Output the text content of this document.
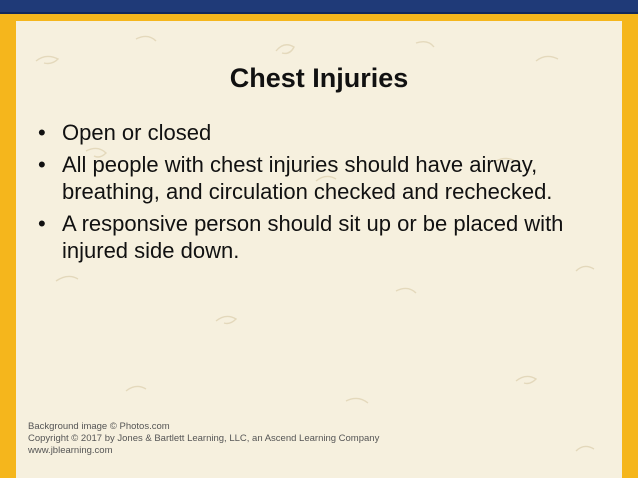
Chest Injuries
• Open or closed
• All people with chest injuries should have airway, breathing, and circulation checked and rechecked.
• A responsive person should sit up or be placed with injured side down.
Background image © Photos.com
Copyright © 2017 by Jones & Bartlett Learning, LLC, an Ascend Learning Company
www.jblearning.com
